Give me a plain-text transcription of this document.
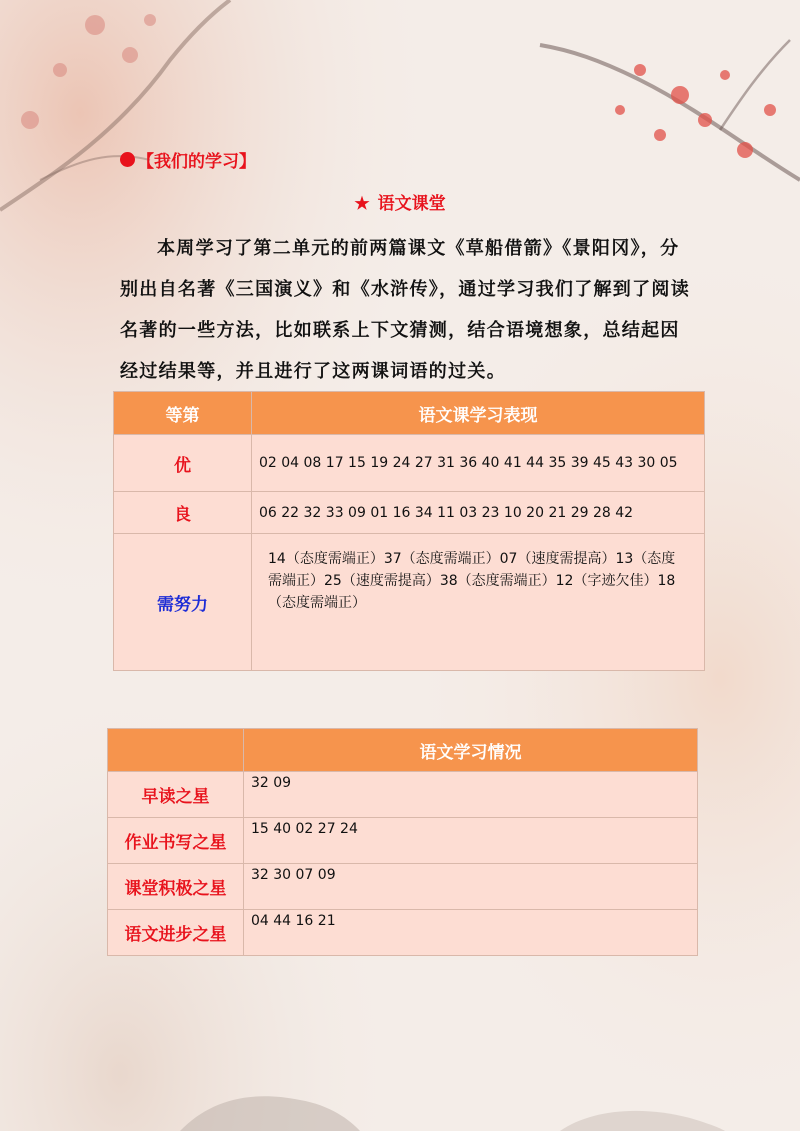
【我们的学习】
★ 语文课堂
本周学习了第二单元的前两篇课文《草船借箭》《景阳冈》，分别出自名著《三国演义》和《水浒传》，通过学习我们了解到了阅读名著的一些方法，比如联系上下文猜测，结合语境想象，总结起因经过结果等，并且进行了这两课词语的过关。
等第	语文课学习表现
优	02 04 08 17 15 19 24 27 31 36 40 41 44 35 39 45 43 30 05
良	06 22 32 33 09 01 16 34 11 03 23 10 20 21 29 28 42
需努力	14（态度需端正）37（态度需端正）07（速度需提高）13（态度需端正）25（速度需提高）38（态度需端正）12（字迹欠佳）18（态度需端正）
	语文学习情况
早读之星	32 09
作业书写之星	15 40 02 27 24
课堂积极之星	32 30 07 09
语文进步之星	04 44 16 21
